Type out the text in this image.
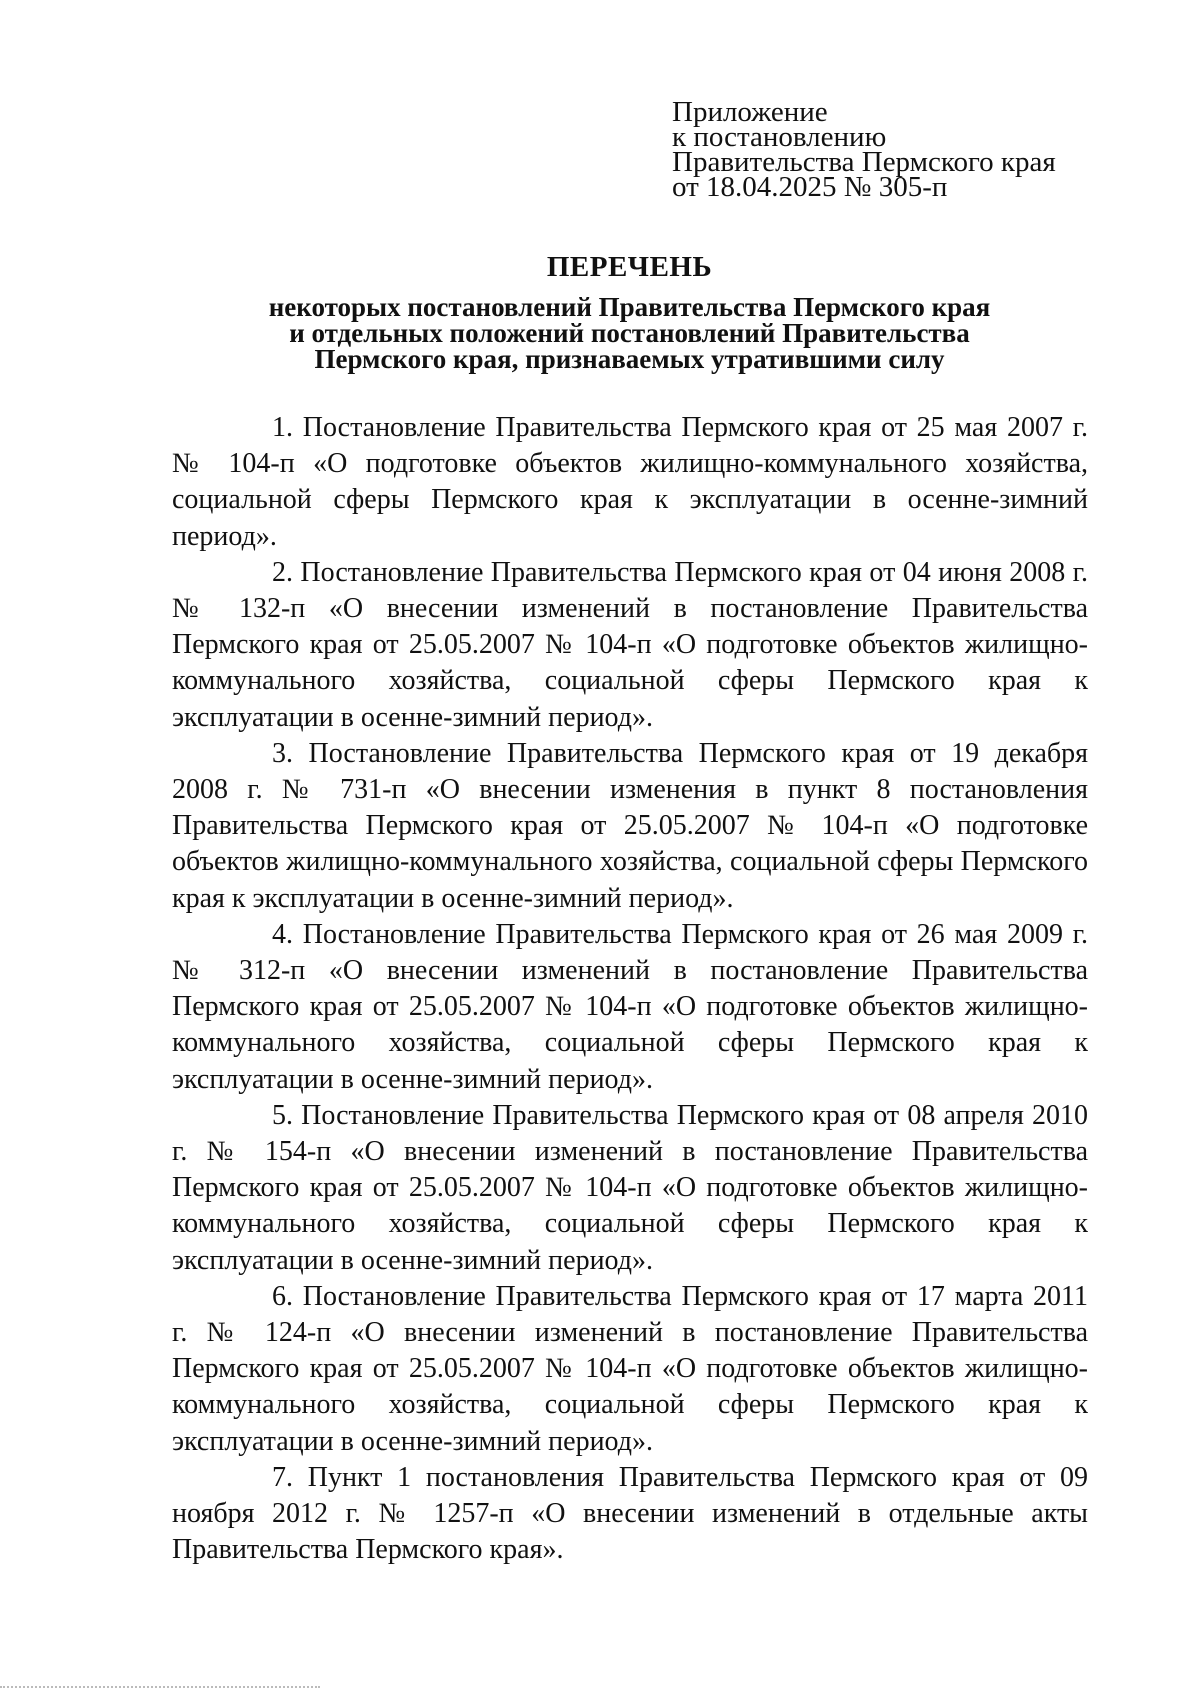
Приложение
к постановлению
Правительства Пермского края
от 18.04.2025 № 305-п
ПЕРЕЧЕНЬ
некоторых постановлений Правительства Пермского края
и отдельных положений постановлений Правительства
Пермского края, признаваемых утратившими силу

1. Постановление Правительства Пермского края от 25 мая 2007 г. № 104-п «О подготовке объектов жилищно-коммунального хозяйства, социальной сферы Пермского края к эксплуатации в осенне-зимний период».

2. Постановление Правительства Пермского края от 04 июня 2008 г. № 132-п «О внесении изменений в постановление Правительства Пермского края от 25.05.2007 № 104-п «О подготовке объектов жилищно-коммунального хозяйства, социальной сферы Пермского края к эксплуатации в осенне-зимний период».

3. Постановление Правительства Пермского края от 19 декабря 2008 г. № 731-п «О внесении изменения в пункт 8 постановления Правительства Пермского края от 25.05.2007 № 104-п «О подготовке объектов жилищно-коммунального хозяйства, социальной сферы Пермского края к эксплуатации в осенне-зимний период».

4. Постановление Правительства Пермского края от 26 мая 2009 г. № 312-п «О внесении изменений в постановление Правительства Пермского края от 25.05.2007 № 104-п «О подготовке объектов жилищно-коммунального хозяйства, социальной сферы Пермского края к эксплуатации в осенне-зимний период».

5. Постановление Правительства Пермского края от 08 апреля 2010 г. № 154-п «О внесении изменений в постановление Правительства Пермского края от 25.05.2007 № 104-п «О подготовке объектов жилищно-коммунального хозяйства, социальной сферы Пермского края к эксплуатации в осенне-зимний период».

6. Постановление Правительства Пермского края от 17 марта 2011 г. № 124-п «О внесении изменений в постановление Правительства Пермского края от 25.05.2007 № 104-п «О подготовке объектов жилищно-коммунального хозяйства, социальной сферы Пермского края к эксплуатации в осенне-зимний период».

7. Пункт 1 постановления Правительства Пермского края от 09 ноября 2012 г. № 1257-п «О внесении изменений в отдельные акты Правительства Пермского края».
